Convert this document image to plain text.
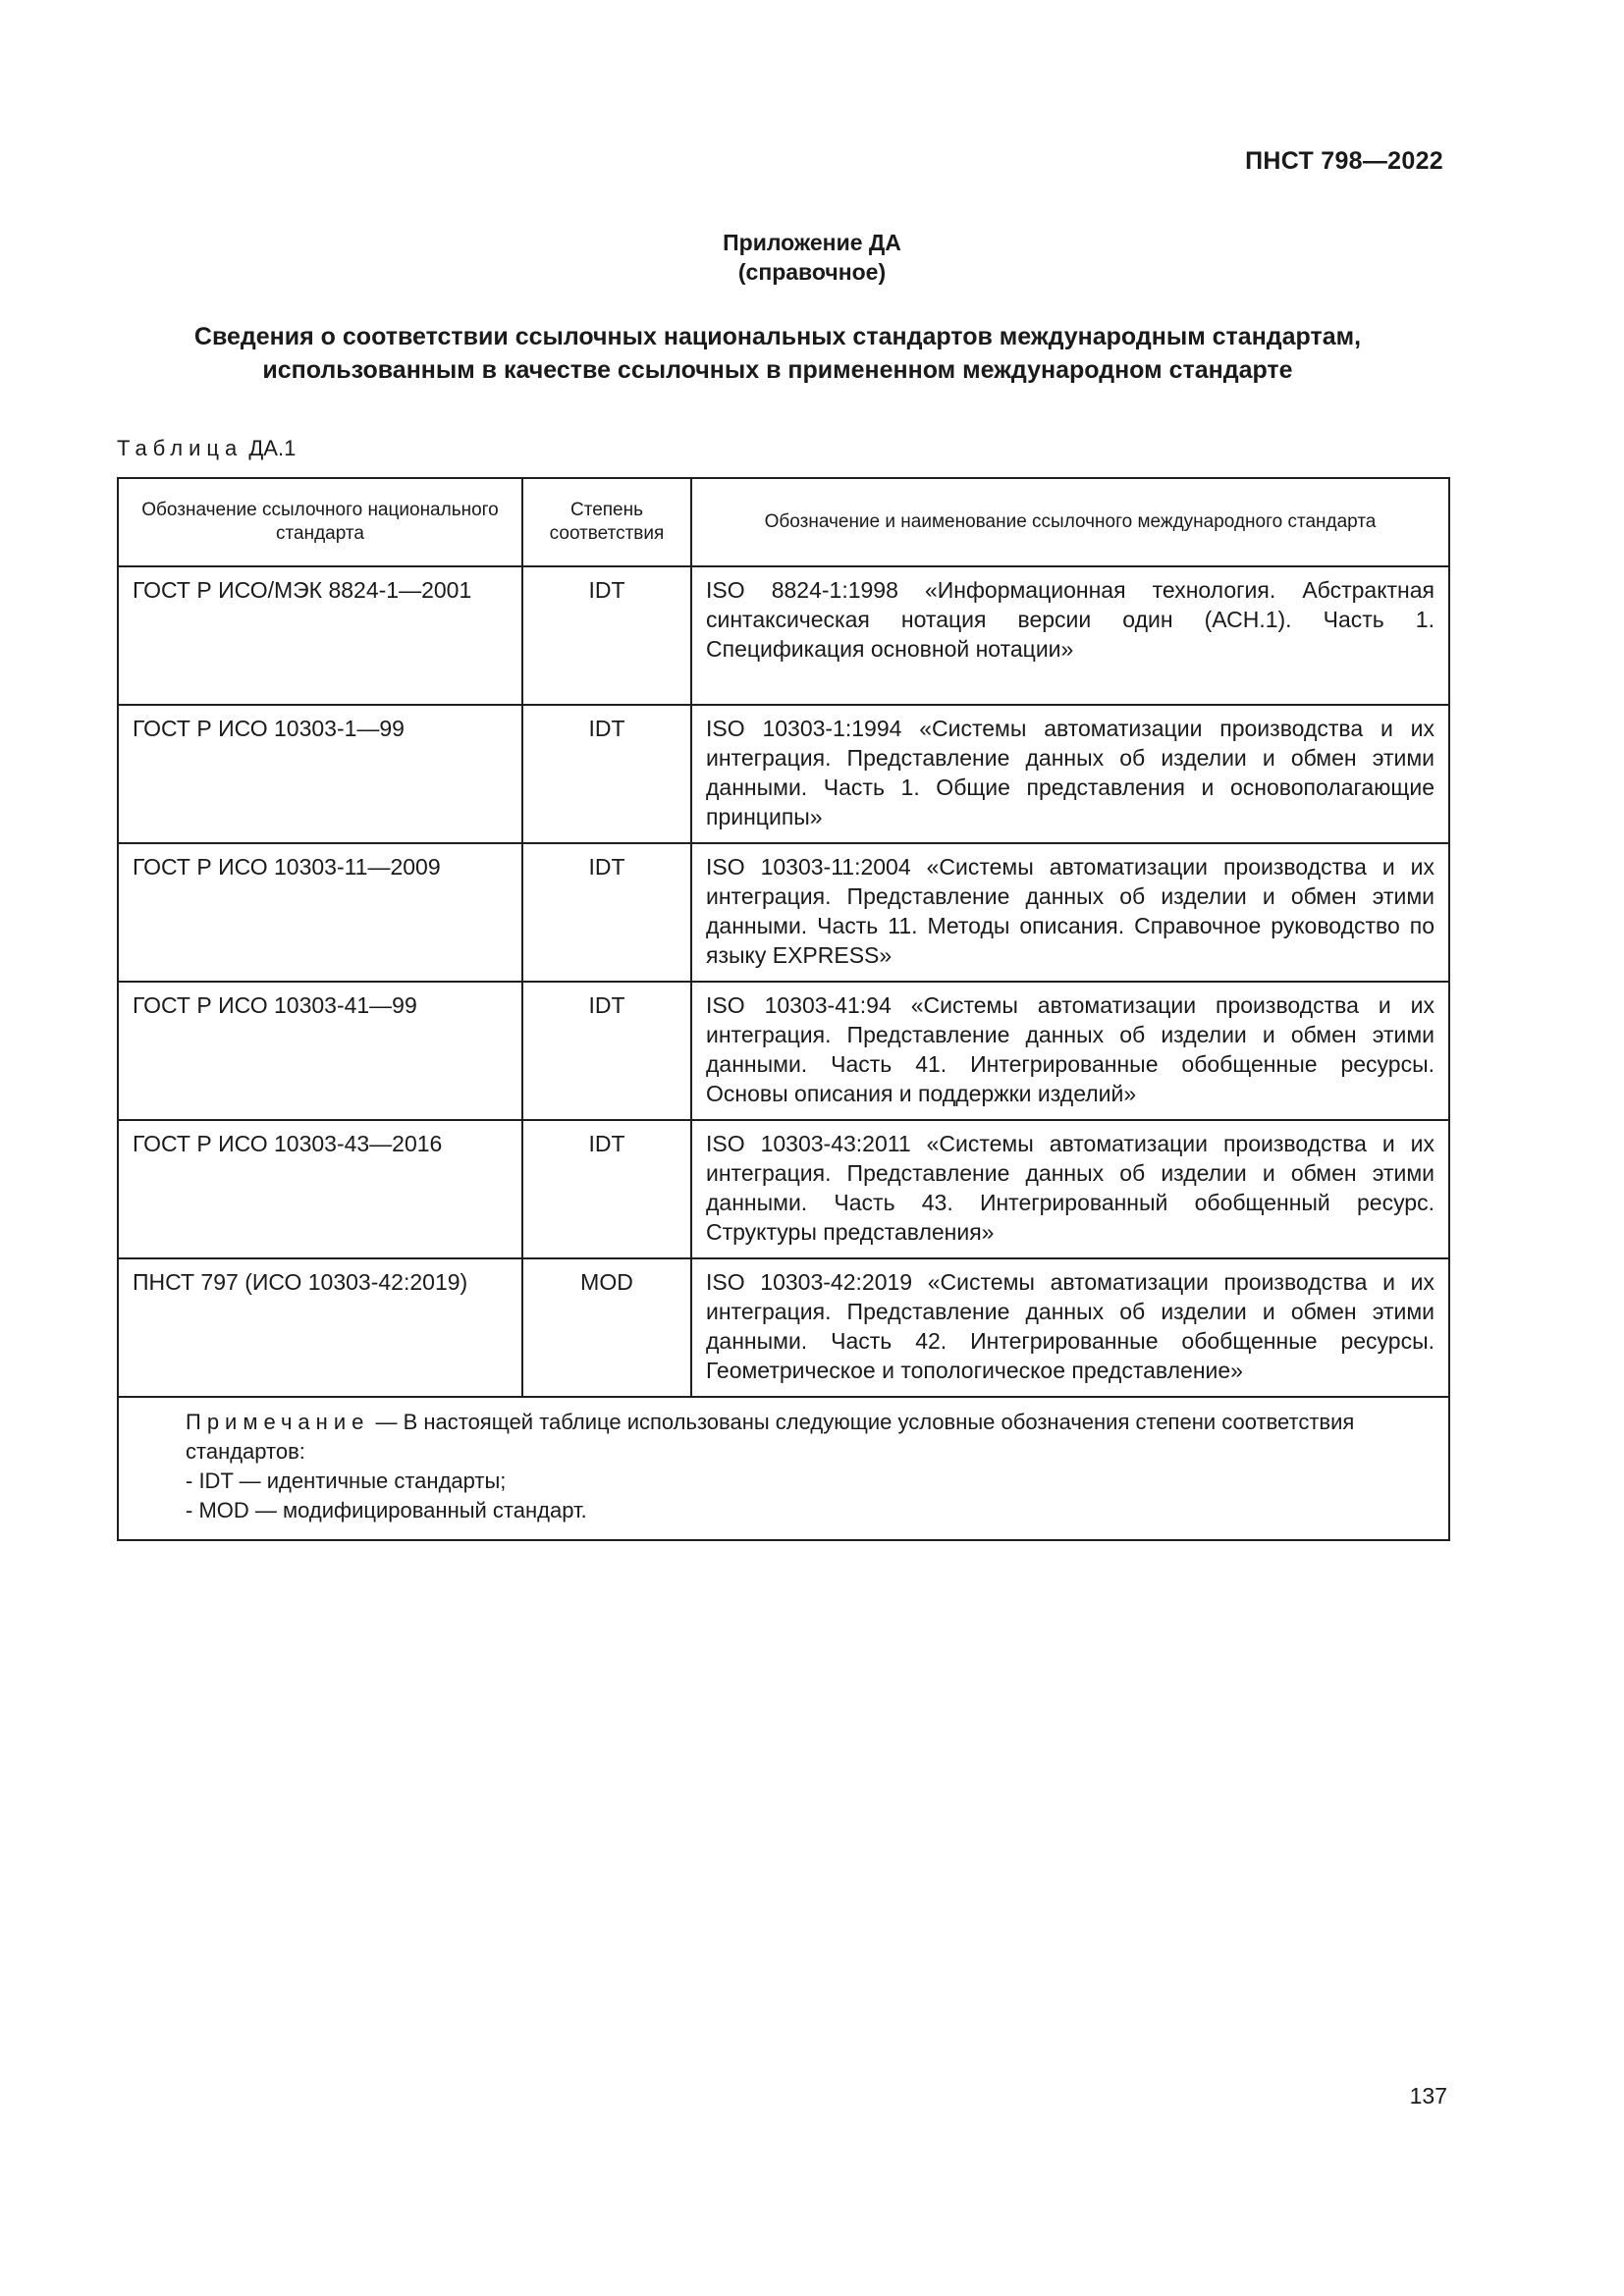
ПНСТ 798—2022
Приложение ДА
(справочное)
Сведения о соответствии ссылочных национальных стандартов международным стандартам,
использованным в качестве ссылочных в примененном международном стандарте
Таблица ДА.1
Обозначение ссылочного национального стандарта	Степень соответствия	Обозначение и наименование ссылочного международного стандарта
ГОСТ Р ИСО/МЭК 8824-1—2001	IDT	ISO 8824-1:1998 «Информационная технология. Абстрактная синтаксическая нотация версии один (АСН.1). Часть 1. Спецификация основной нотации»
ГОСТ Р ИСО 10303-1—99	IDT	ISO 10303-1:1994 «Системы автоматизации производства и их интеграция. Представление данных об изделии и обмен этими данными. Часть 1. Общие представления и основополагающие принципы»
ГОСТ Р ИСО 10303-11—2009	IDT	ISO 10303-11:2004 «Системы автоматизации производства и их интеграция. Представление данных об изделии и обмен этими данными. Часть 11. Методы описания. Справочное руководство по языку EXPRESS»
ГОСТ Р ИСО 10303-41—99	IDT	ISO 10303-41:94 «Системы автоматизации производства и их интеграция. Представление данных об изделии и обмен этими данными. Часть 41. Интегрированные обобщенные ресурсы. Основы описания и поддержки изделий»
ГОСТ Р ИСО 10303-43—2016	IDT	ISO 10303-43:2011 «Системы автоматизации производства и их интеграция. Представление данных об изделии и обмен этими данными. Часть 43. Интегрированный обобщенный ресурс. Структуры представления»
ПНСТ 797 (ИСО 10303-42:2019)	MOD	ISO 10303-42:2019 «Системы автоматизации производства и их интеграция. Представление данных об изделии и обмен этими данными. Часть 42. Интегрированные обобщенные ресурсы. Геометрическое и топологическое представление»

Примечание — В настоящей таблице использованы следующие условные обозначения степени соответствия стандартов:
- IDT — идентичные стандарты;
- MOD — модифицированный стандарт.		
137
